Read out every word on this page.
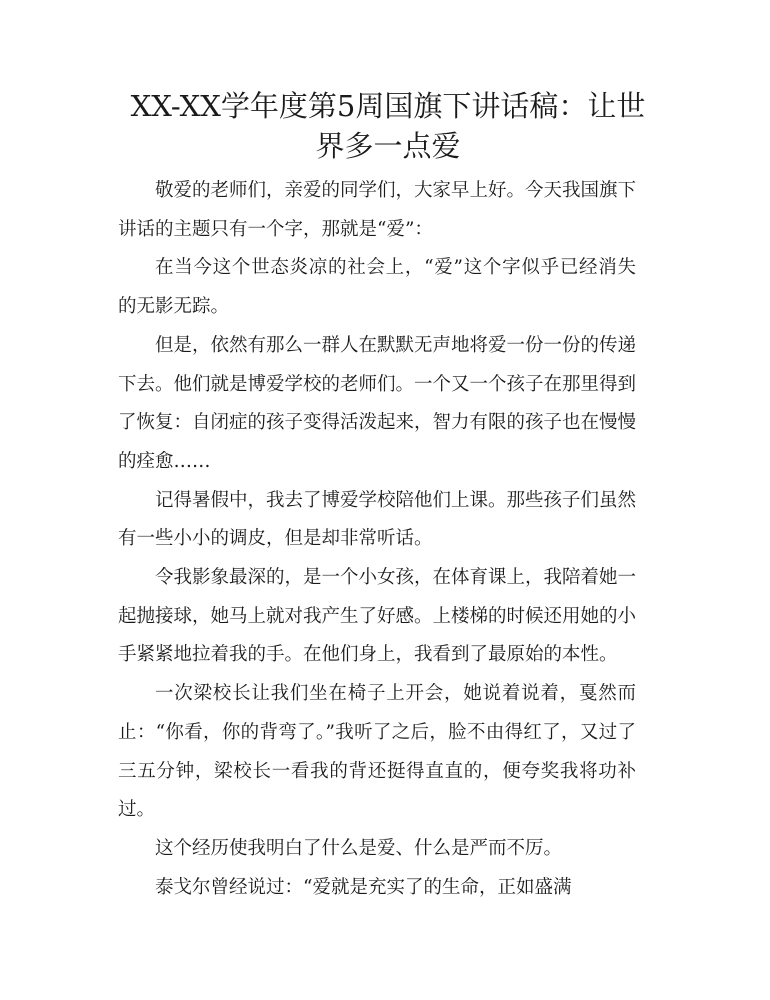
XX-XX学年度第5周国旗下讲话稿：让世界多一点爱

敬爱的老师们，亲爱的同学们，大家早上好。今天我国旗下讲话的主题只有一个字，那就是“爱”：

在当今这个世态炎凉的社会上，“爱”这个字似乎已经消失的无影无踪。

但是，依然有那么一群人在默默无声地将爱一份一份的传递下去。他们就是博爱学校的老师们。一个又一个孩子在那里得到了恢复：自闭症的孩子变得活泼起来，智力有限的孩子也在慢慢的痊愈……

记得暑假中，我去了博爱学校陪他们上课。那些孩子们虽然有一些小小的调皮，但是却非常听话。

令我影象最深的，是一个小女孩，在体育课上，我陪着她一起抛接球，她马上就对我产生了好感。上楼梯的时候还用她的小手紧紧地拉着我的手。在他们身上，我看到了最原始的本性。

一次梁校长让我们坐在椅子上开会，她说着说着，戛然而止：“你看，你的背弯了。”我听了之后，脸不由得红了，又过了三五分钟，梁校长一看我的背还挺得直直的，便夸奖我将功补过。

这个经历使我明白了什么是爱、什么是严而不厉。

泰戈尔曾经说过：“爱就是充实了的生命，正如盛满
